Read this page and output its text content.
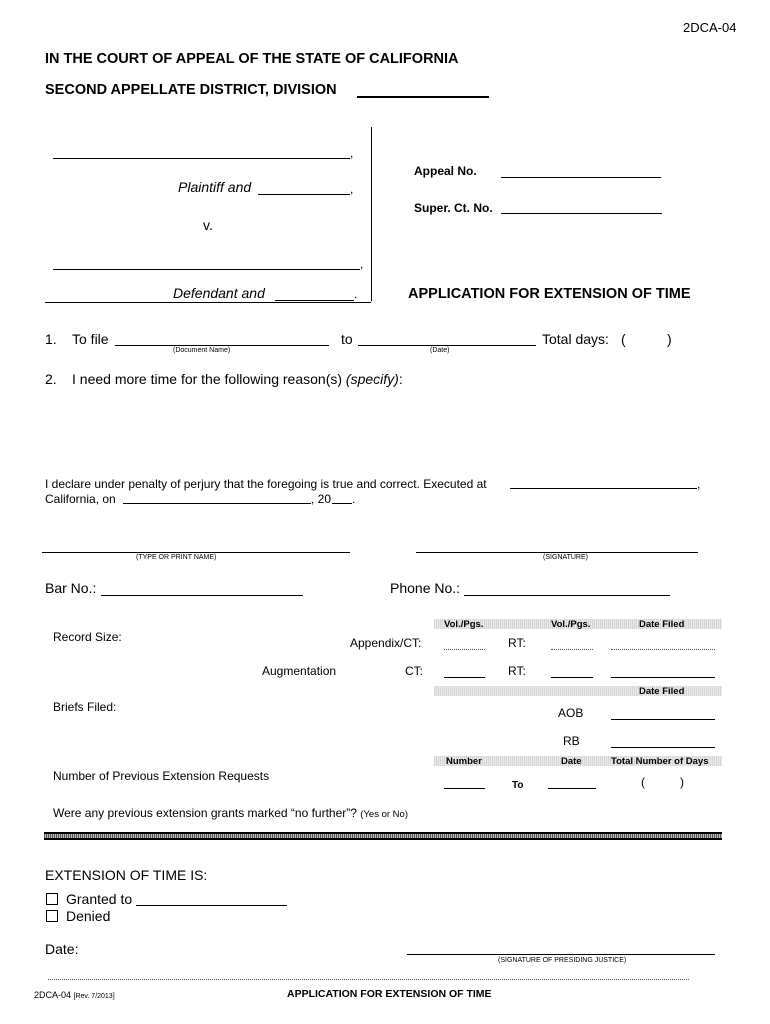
2DCA-04
IN THE COURT OF APPEAL OF THE STATE OF CALIFORNIA
SECOND APPELLATE DISTRICT, DIVISION
,
Plaintiff and	,
v.
,
Defendant and	.
Appeal No.
Super. Ct. No.
APPLICATION FOR EXTENSION OF TIME
1. To file
(Document Name)
to
(Date)
Total days: (	)
2. I need more time for the following reason(s) (specify):
I declare under penalty of perjury that the foregoing is true and correct. Executed at	,
California, on	, 20 .
(TYPE OR PRINT NAME)	(SIGNATURE)
Bar No.:	Phone No.:
Vol./Pgs.	Vol./Pgs.	Date Filed
Record Size:	Appendix/CT:	RT:
Augmentation	CT:	RT:
Date Filed
Briefs Filed:	AOB
RB
Number	Date	Total Number of Days
Number of Previous Extension Requests
To	(	)
Were any previous extension grants marked “no further”? (Yes or No)
EXTENSION OF TIME IS:
Granted to
Denied
Date:
(SIGNATURE OF PRESIDING JUSTICE)
2DCA-04 [Rev. 7/2013]	APPLICATION FOR EXTENSION OF TIME
